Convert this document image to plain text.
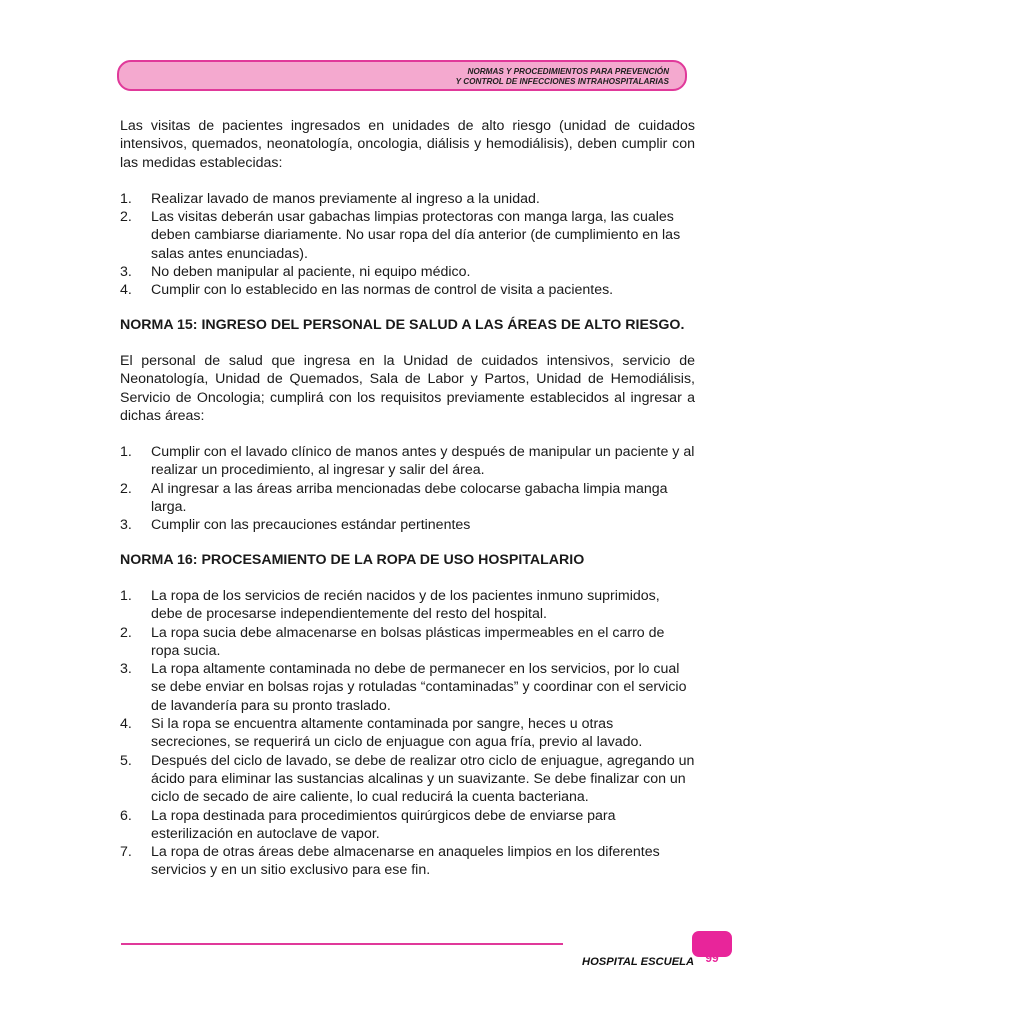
NORMAS Y PROCEDIMIENTOS PARA PREVENCIÓN
Y CONTROL DE INFECCIONES INTRAHOSPITALARIAS

Las visitas de pacientes ingresados en unidades de alto riesgo (unidad de cuidados intensivos, quemados, neonatología, oncologia, diálisis y hemodiálisis), deben cumplir con las medidas establecidas:

1. Realizar lavado de manos previamente al ingreso a la unidad.
2. Las visitas deberán usar gabachas limpias protectoras con manga larga, las cuales deben cambiarse diariamente. No usar ropa del día anterior (de cumplimiento en las salas antes enunciadas).
3. No deben manipular al paciente, ni equipo médico.
4. Cumplir con lo establecido en las normas de control de visita a pacientes.

NORMA 15: INGRESO DEL PERSONAL DE SALUD A LAS ÁREAS DE ALTO RIESGO.

El personal de salud que ingresa en la Unidad de cuidados intensivos, servicio de Neonatología, Unidad de Quemados, Sala de Labor y Partos, Unidad de Hemodiálisis, Servicio de Oncologia; cumplirá con los requisitos previamente establecidos al ingresar a dichas áreas:

1. Cumplir con el lavado clínico de manos antes y después de manipular un paciente y al realizar un procedimiento, al ingresar y salir del área.
2. Al ingresar a las áreas arriba mencionadas debe colocarse gabacha limpia manga larga.
3. Cumplir con las precauciones estándar pertinentes

NORMA 16: PROCESAMIENTO DE LA ROPA DE USO HOSPITALARIO

1. La ropa de los servicios de recién nacidos y de los pacientes inmuno suprimidos, debe de procesarse independientemente del resto del hospital.
2. La ropa sucia debe almacenarse en bolsas plásticas impermeables en el carro de ropa sucia.
3. La ropa altamente contaminada no debe de permanecer en los servicios, por lo cual se debe enviar en bolsas rojas y rotuladas “contaminadas” y coordinar con el servicio de lavandería para su pronto traslado.
4. Si la ropa se encuentra altamente contaminada por sangre, heces u otras secreciones, se requerirá un ciclo de enjuague con agua fría, previo al lavado.
5. Después del ciclo de lavado, se debe de realizar otro ciclo de enjuague, agregando un ácido para eliminar las sustancias alcalinas y un suavizante. Se debe finalizar con un ciclo de secado de aire caliente, lo cual reducirá la cuenta bacteriana.
6. La ropa destinada para procedimientos quirúrgicos debe de enviarse para esterilización en autoclave de vapor.
7. La ropa de otras áreas debe almacenarse en anaqueles limpios en los diferentes servicios y en un sitio exclusivo para ese fin.
HOSPITAL ESCUELA 99
